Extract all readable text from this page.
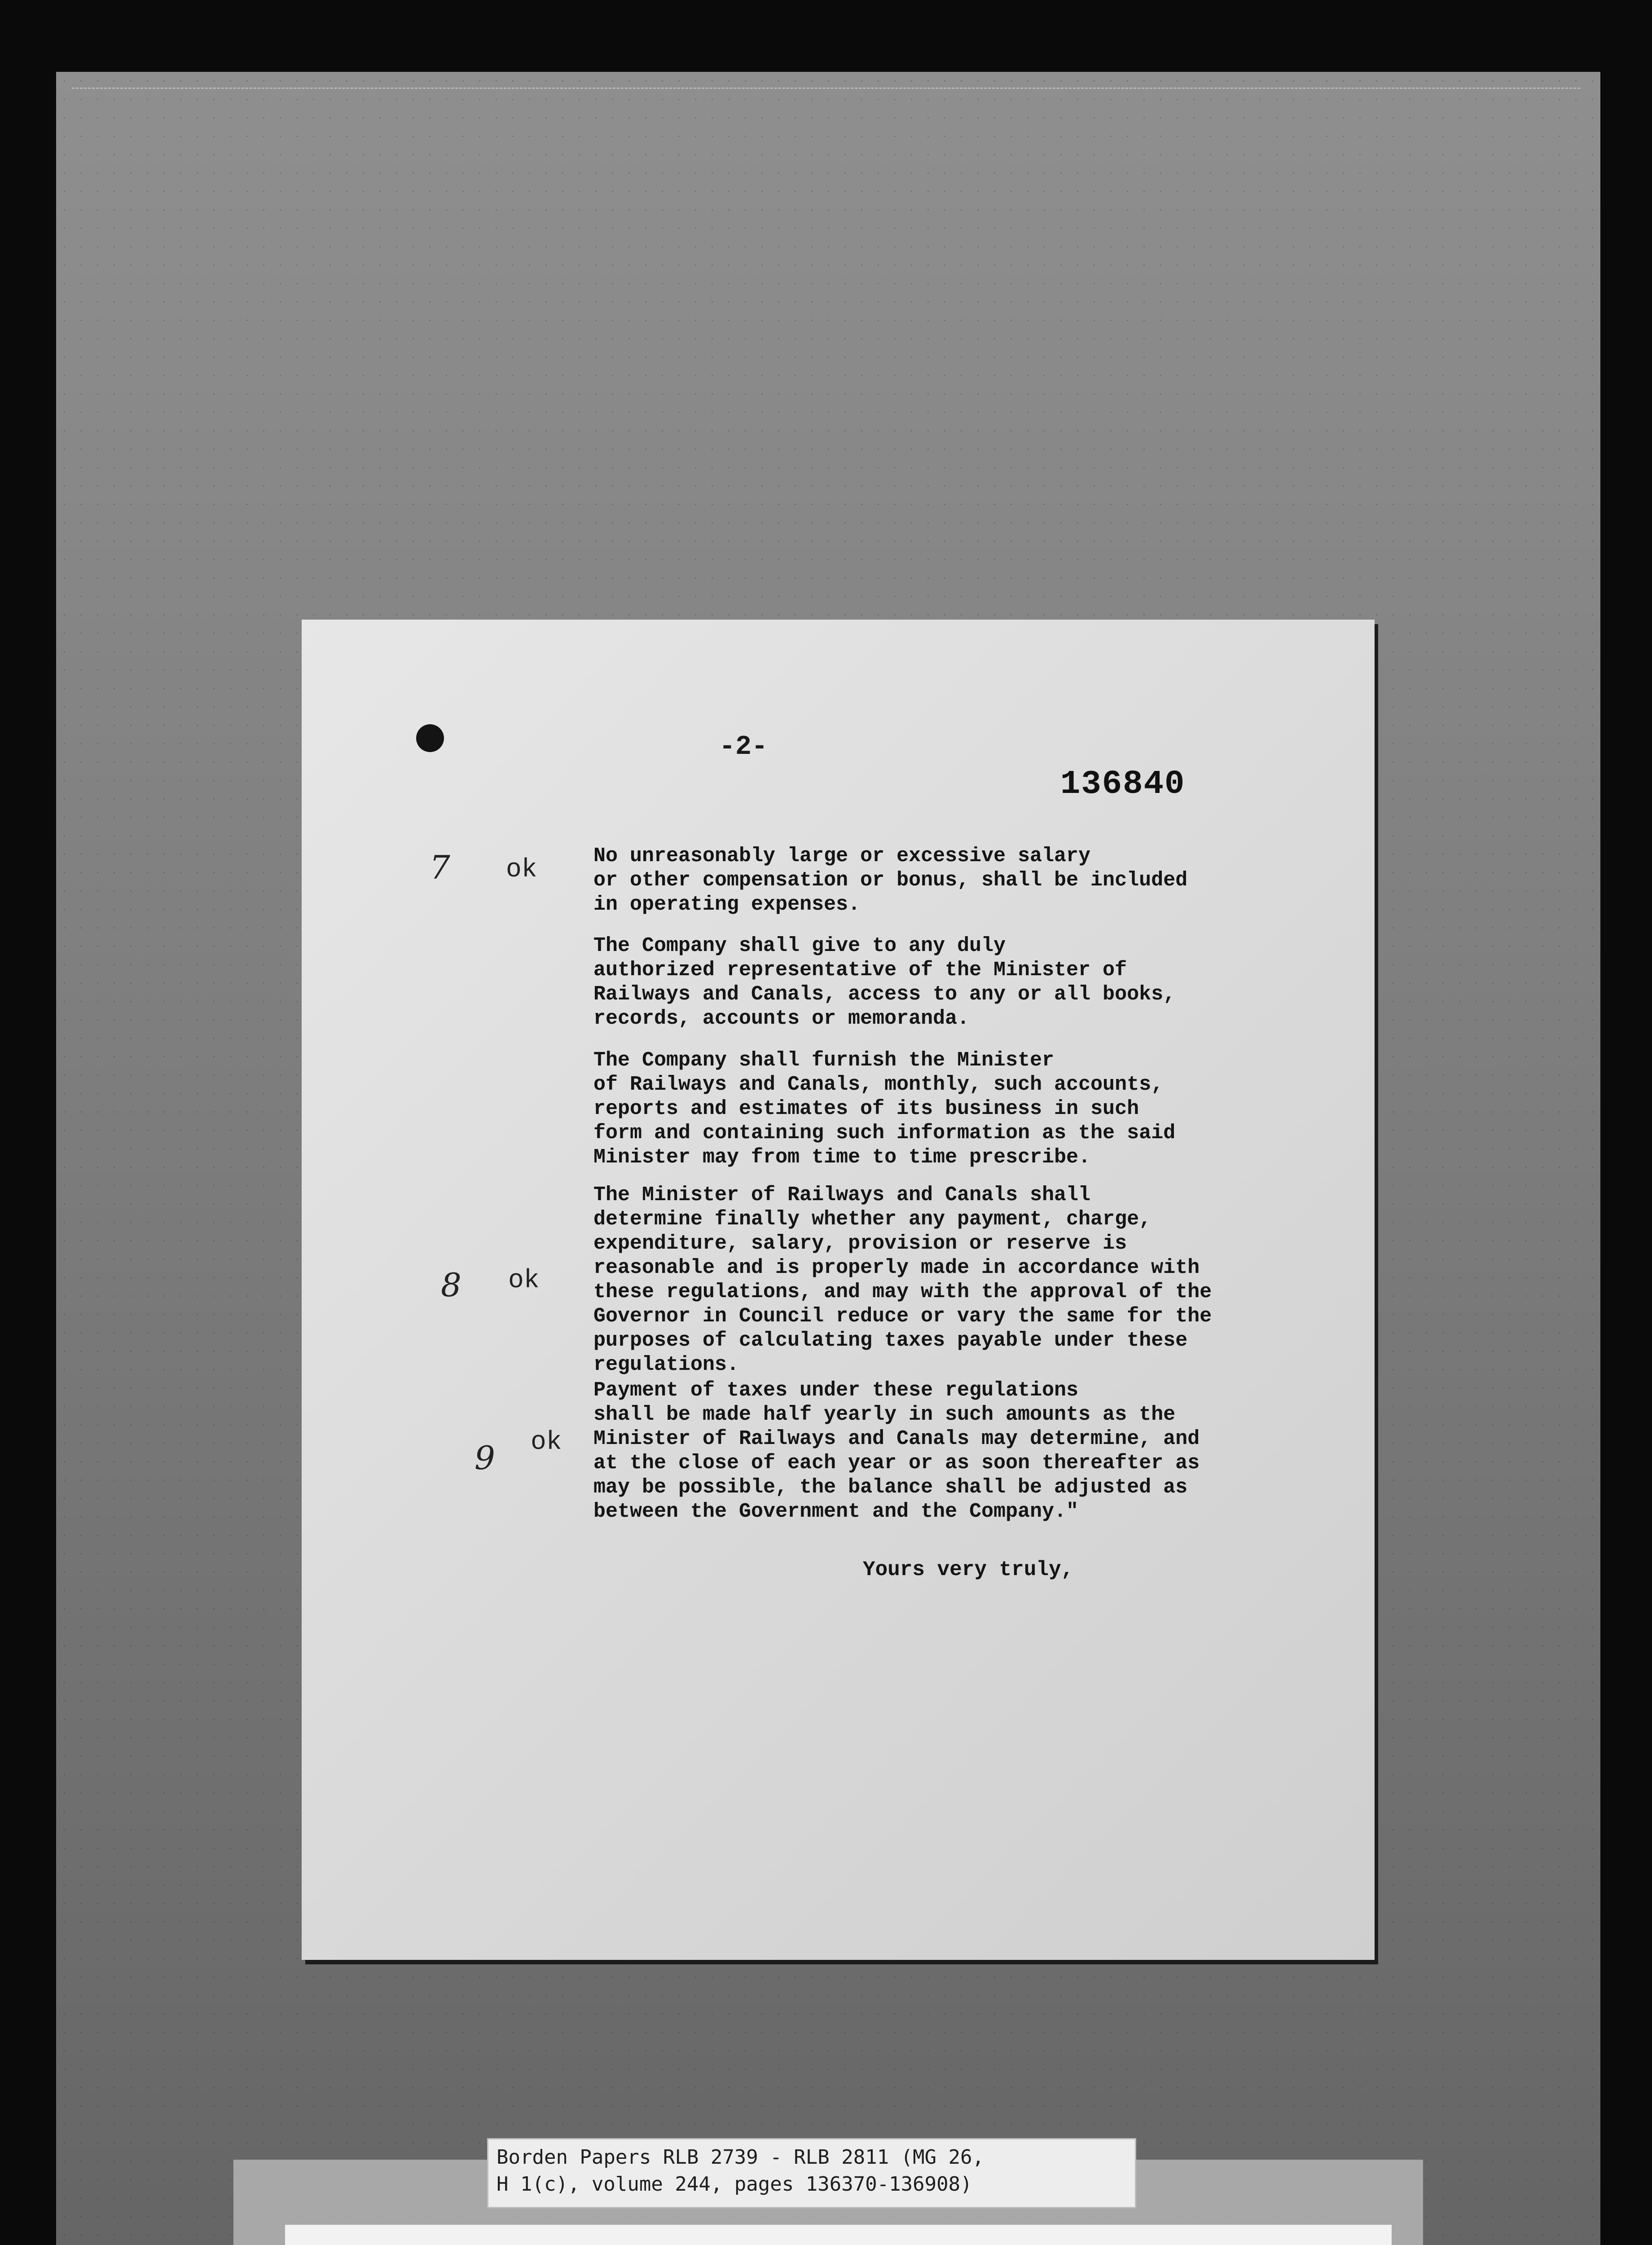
-2-
136840

No unreasonably large or excessive salary
or other compensation or bonus, shall be included
in operating expenses.

The Company shall give to any duly
authorized representative of the Minister of
Railways and Canals, access to any or all books,
records, accounts or memoranda.

The Company shall furnish the Minister
of Railways and Canals, monthly, such accounts,
reports and estimates of its business in such
form and containing such information as the said
Minister may from time to time prescribe.

The Minister of Railways and Canals shall
determine finally whether any payment, charge,
expenditure, salary, provision or reserve is
reasonable and is properly made in accordance with
these regulations, and may with the approval of the
Governor in Council reduce or vary the same for the
purposes of calculating taxes payable under these
regulations.

Payment of taxes under these regulations
shall be made half yearly in such amounts as the
Minister of Railways and Canals may determine, and
at the close of each year or as soon thereafter as
may be possible, the balance shall be adjusted as
between the Government and the Company."

Yours very truly,
7 ok
8 ok
9 ok

Borden Papers RLB 2739 - RLB 2811 (MG 26,
H 1(c), volume 244, pages 136370-136908)
